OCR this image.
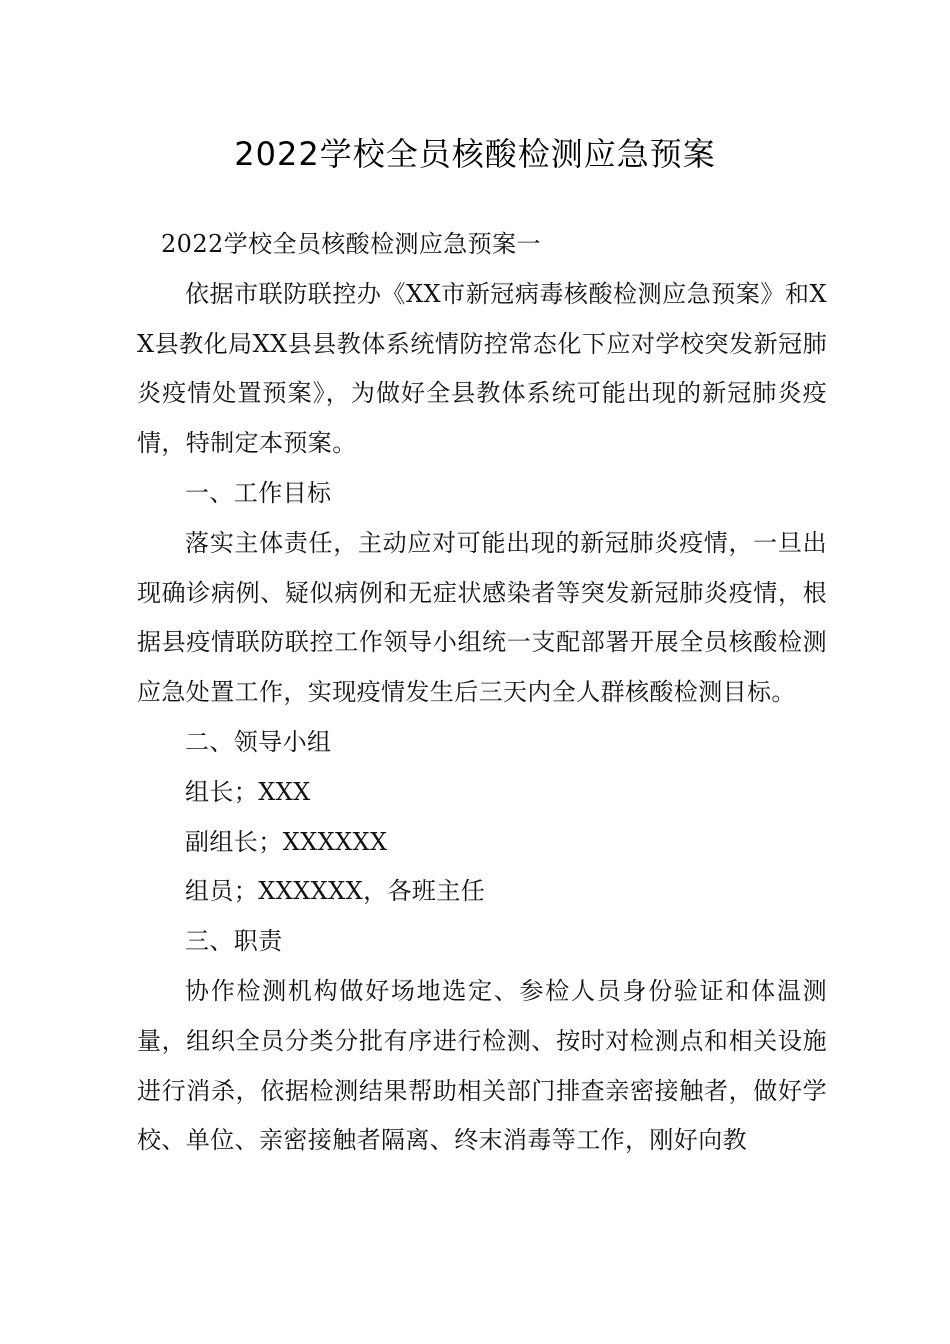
2022学校全员核酸检测应急预案

2022学校全员核酸检测应急预案一

依据市联防联控办《XX市新冠病毒核酸检测应急预案》和XX县教化局XX县县教体系统情防控常态化下应对学校突发新冠肺炎疫情处置预案》，为做好全县教体系统可能出现的新冠肺炎疫情，特制定本预案。

一、工作目标

落实主体责任，主动应对可能出现的新冠肺炎疫情，一旦出现确诊病例、疑似病例和无症状感染者等突发新冠肺炎疫情，根据县疫情联防联控工作领导小组统一支配部署开展全员核酸检测应急处置工作，实现疫情发生后三天内全人群核酸检测目标。

二、领导小组

组长；XXX

副组长；XXXXXX

组员；XXXXXX，各班主任

三、职责

协作检测机构做好场地选定、参检人员身份验证和体温测量，组织全员分类分批有序进行检测、按时对检测点和相关设施进行消杀，依据检测结果帮助相关部门排查亲密接触者，做好学校、单位、亲密接触者隔离、终末消毒等工作，刚好向教
